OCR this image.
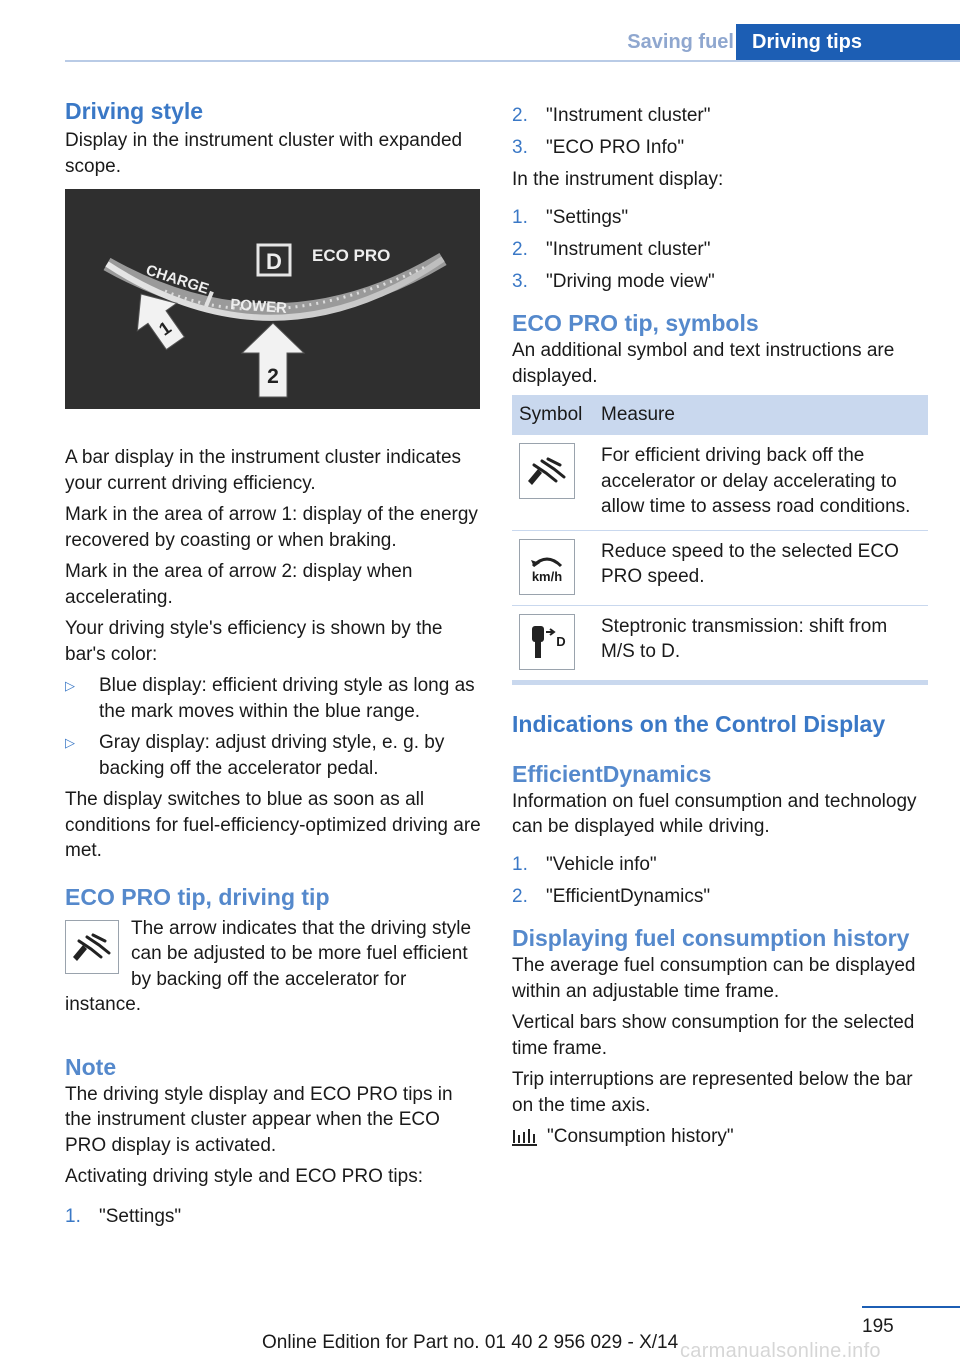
Saving fuel Driving tips
Driving style

Display in the instrument cluster with expanded scope.

D ECO PRO
CHARGE
POWER
1
2

A bar display in the instrument cluster indicates your current driving efficiency.

Mark in the area of arrow 1: display of the energy recovered by coasting or when braking.

Mark in the area of arrow 2: display when accelerating.

Your driving style's efficiency is shown by the bar's color:

▷	Blue display: efficient driving style as long as the mark moves within the blue range.
▷	Gray display: adjust driving style, e. g. by backing off the accelerator pedal.

The display switches to blue as soon as all conditions for fuel-efficiency-optimized driving are met.

ECO PRO tip, driving tip

The arrow indicates that the driving style can be adjusted to be more fuel efficient by backing off the accelerator for instance.

Note

The driving style display and ECO PRO tips in the instrument cluster appear when the ECO PRO display is activated.

Activating driving style and ECO PRO tips:

1. "Settings"
2. "Instrument cluster"
3. "ECO PRO Info"

In the instrument display:

1. "Settings"
2. "Instrument cluster"
3. "Driving mode view"
ECO PRO tip, symbols

An additional symbol and text instructions are displayed.

Symbol	Measure

	For efficient driving back off the accelerator or delay accelerating to allow time to assess road conditions.

km/h	Reduce speed to the selected ECO PRO speed.

D	Steptronic transmission: shift from M/S to D.
Indications on the Control Display
EfficientDynamics

Information on fuel consumption and technology can be displayed while driving.

1. "Vehicle info"
2. "EfficientDynamics"
Displaying fuel consumption history

The average fuel consumption can be displayed within an adjustable time frame.

Vertical bars show consumption for the selected time frame.

Trip interruptions are represented below the bar on the time axis.

"Consumption history"
195
Online Edition for Part no. 01 40 2 956 029 - X/14 carmanualsonline.info
